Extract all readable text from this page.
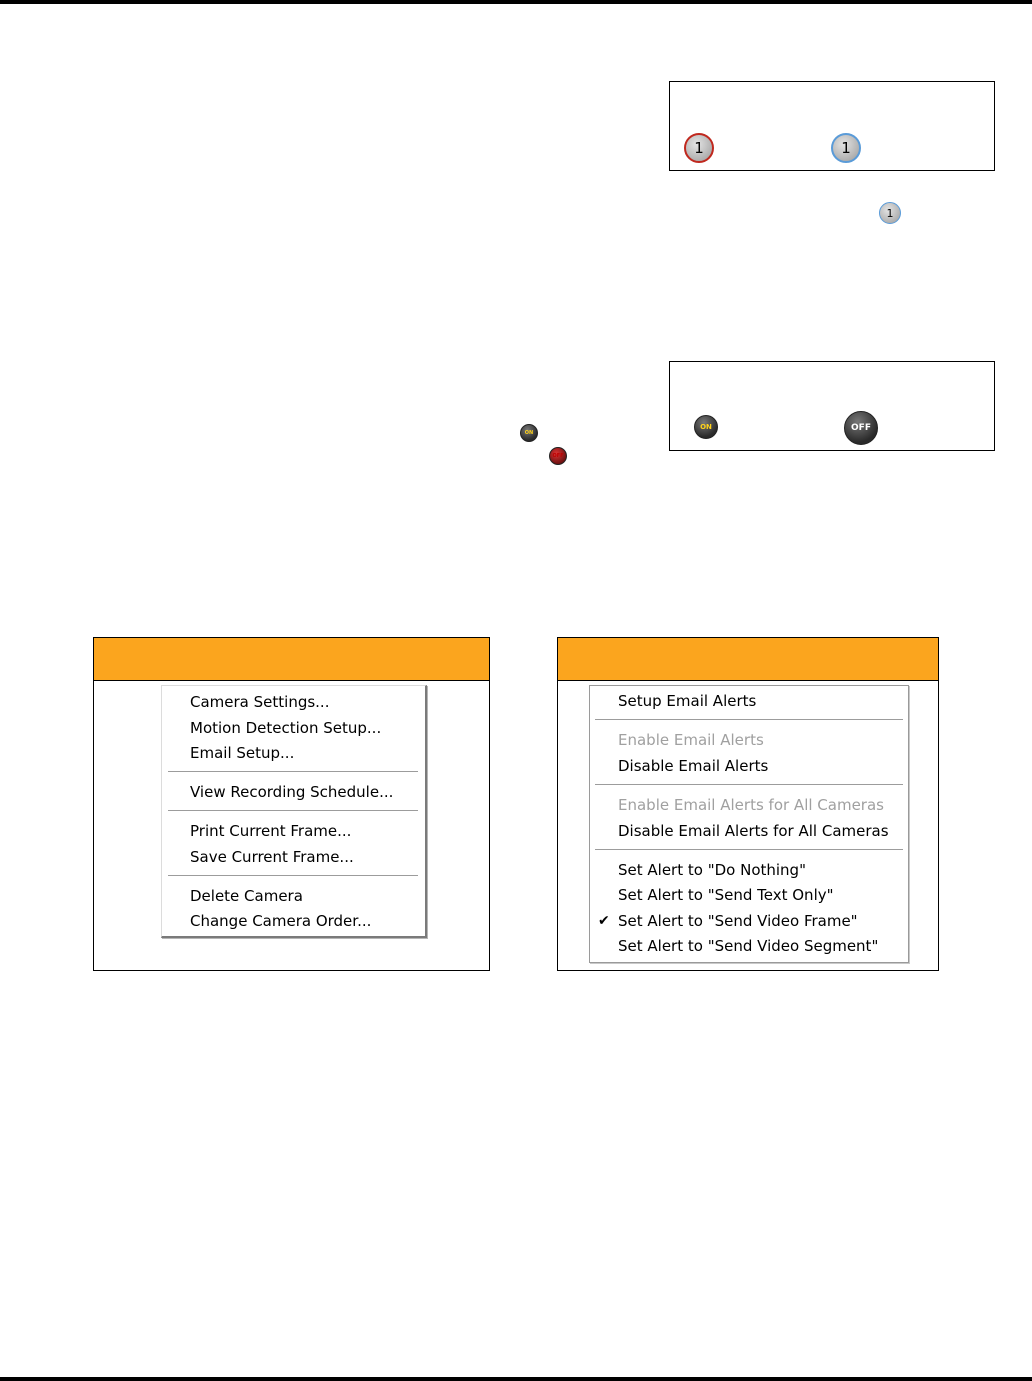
1	1
1
ON	OFF
ON
OFF
Camera Settings...
Motion Detection Setup...
Email Setup...
View Recording Schedule...
Print Current Frame...
Save Current Frame...
Delete Camera
Change Camera Order...
Setup Email Alerts
Enable Email Alerts
Disable Email Alerts
Enable Email Alerts for All Cameras
Disable Email Alerts for All Cameras
Set Alert to "Do Nothing"
Set Alert to "Send Text Only"
✔ Set Alert to "Send Video Frame"
Set Alert to "Send Video Segment"
